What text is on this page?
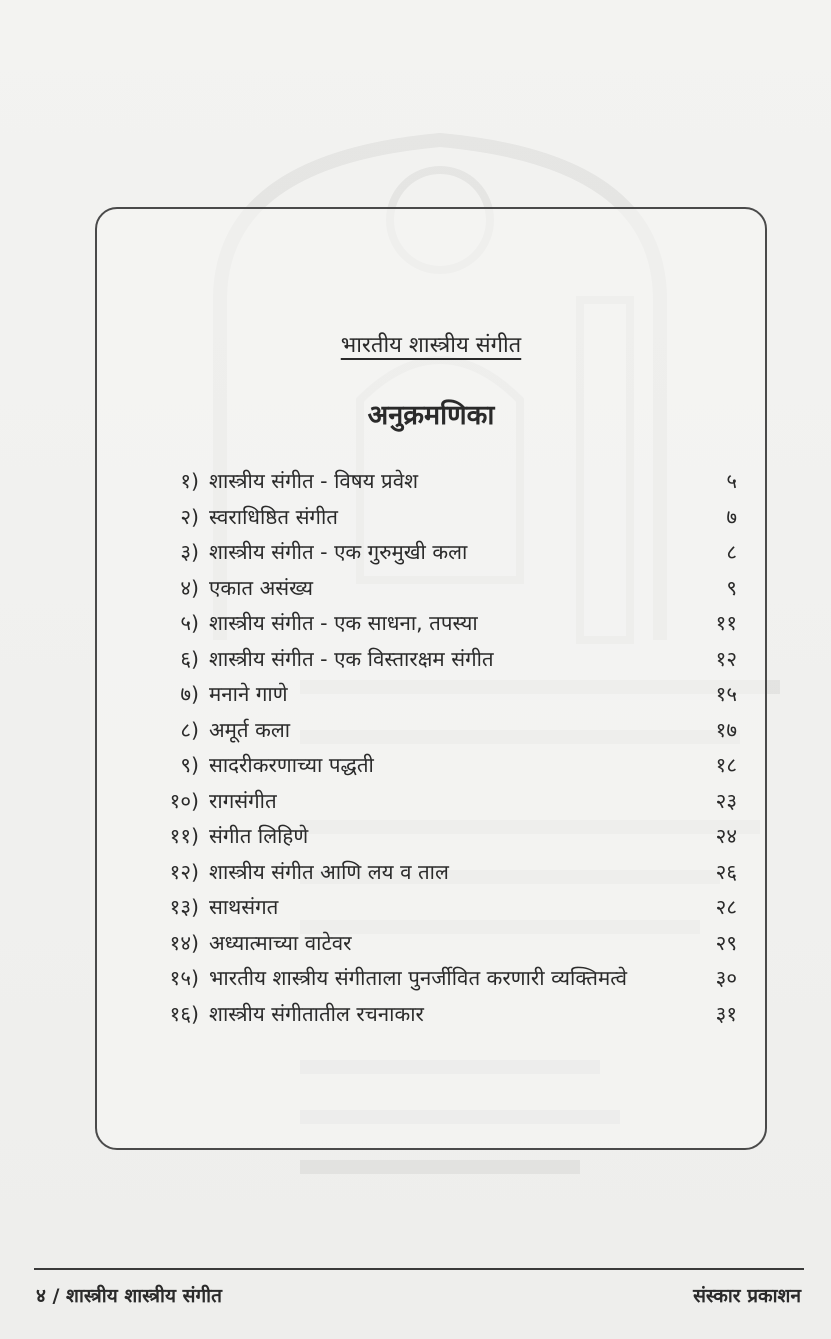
भारतीय शास्त्रीय संगीत
अनुक्रमणिका
१) शास्त्रीय संगीत - विषय प्रवेश	५
२) स्वराधिष्ठित संगीत	७
३) शास्त्रीय संगीत - एक गुरुमुखी कला	८
४) एकात असंख्य	९
५) शास्त्रीय संगीत - एक साधना, तपस्या	११
६) शास्त्रीय संगीत - एक विस्तारक्षम संगीत	१२
७) मनाने गाणे	१५
८) अमूर्त कला	१७
९) सादरीकरणाच्या पद्धती	१८
१०) रागसंगीत	२३
११) संगीत लिहिणे	२४
१२) शास्त्रीय संगीत आणि लय व ताल	२६
१३) साथसंगत	२८
१४) अध्यात्माच्या वाटेवर	२९
१५) भारतीय शास्त्रीय संगीताला पुनर्जीवित करणारी व्यक्तिमत्वे	३०
१६) शास्त्रीय संगीतातील रचनाकार	३१
४ / शास्त्रीय शास्त्रीय संगीत	संस्कार प्रकाशन
